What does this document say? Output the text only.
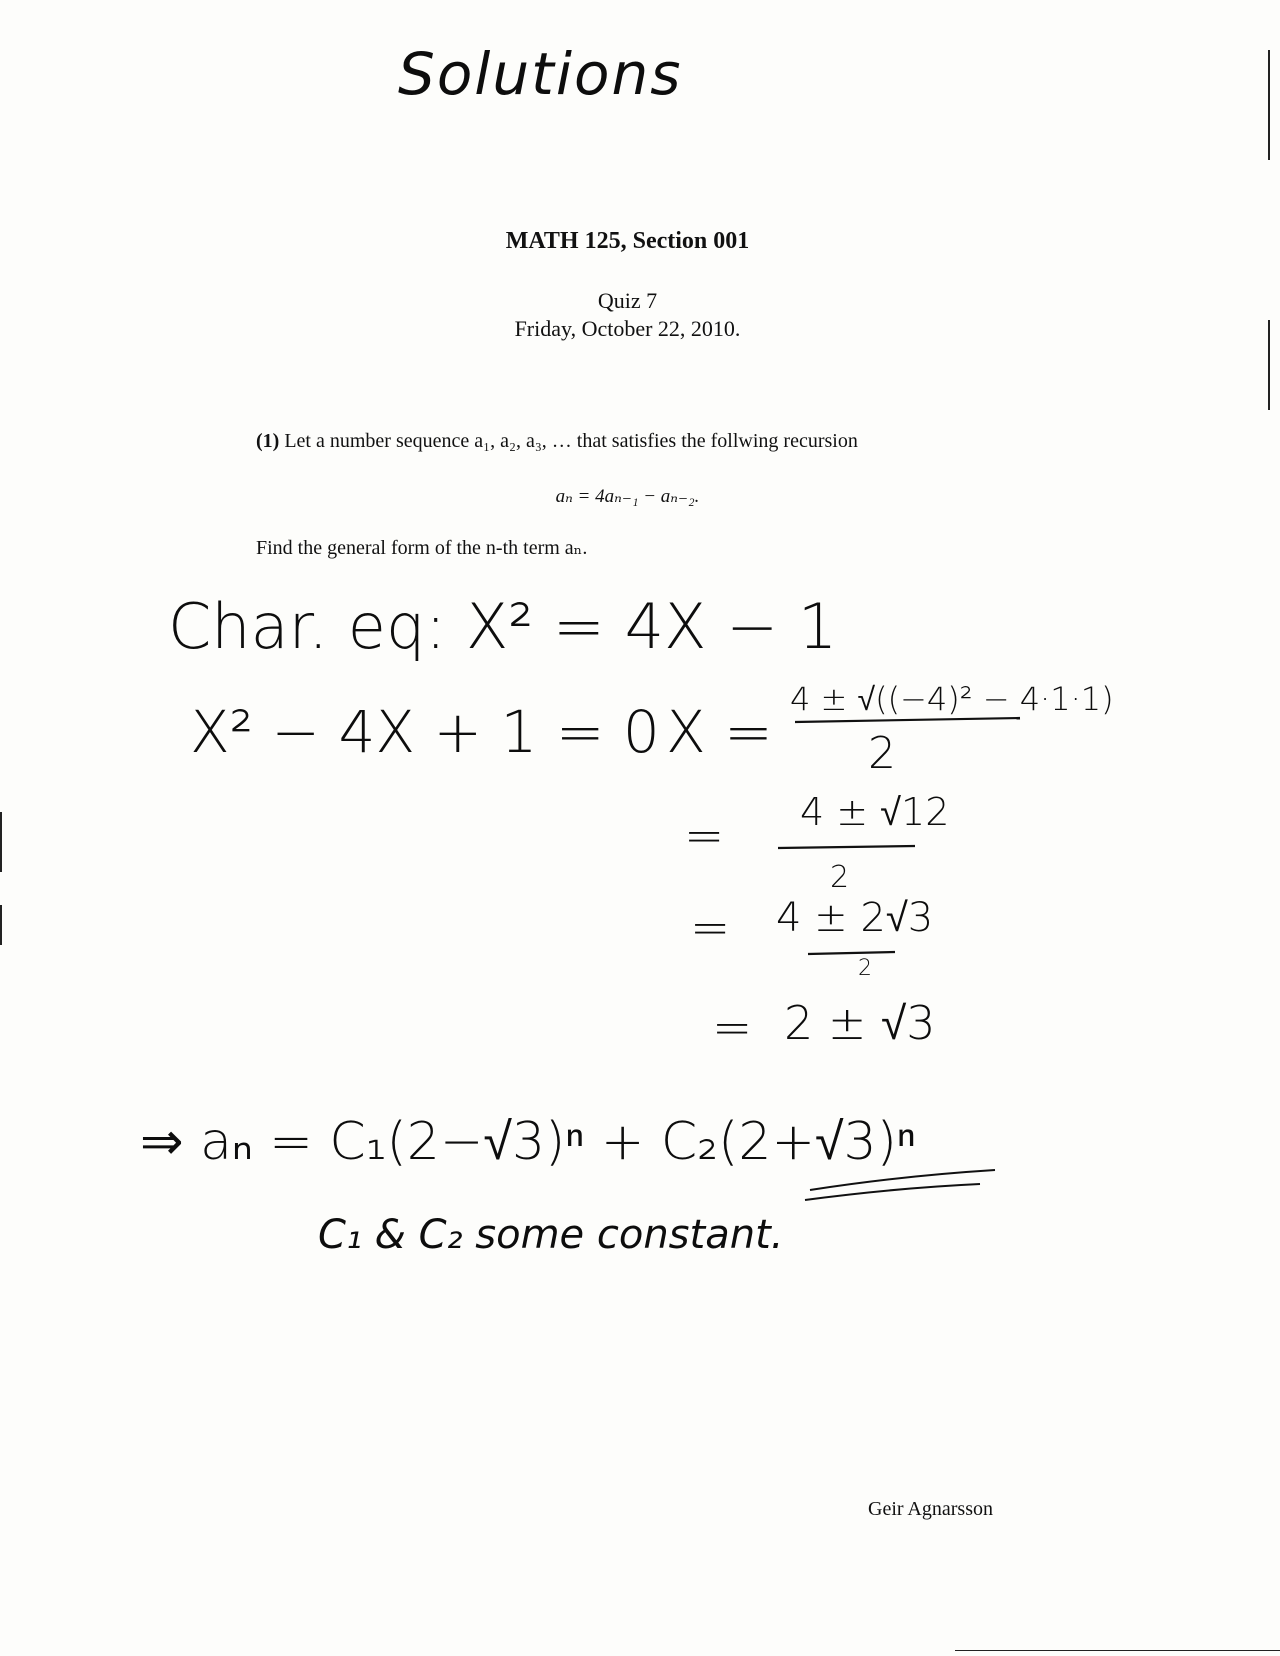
Solutions
MATH 125, Section 001
Quiz 7
Friday, October 22, 2010.
(1) Let a number sequence a₁, a₂, a₃, … that satisfies the follwing recursion
aₙ = 4aₙ₋₁ − aₙ₋₂.
Find the general form of the n-th term aₙ.
Char. eq: X² = 4X − 1
X² − 4X + 1 = 0 X = 4 ± √((−4)² − 4·1·1)
2
= 4 ± √12
2
= 4 ± 2√3
2
= 2 ± √3
⇒ aₙ = C₁(2−√3)ⁿ + C₂(2+√3)ⁿ
C₁ & C₂ some constant.
Geir Agnarsson
